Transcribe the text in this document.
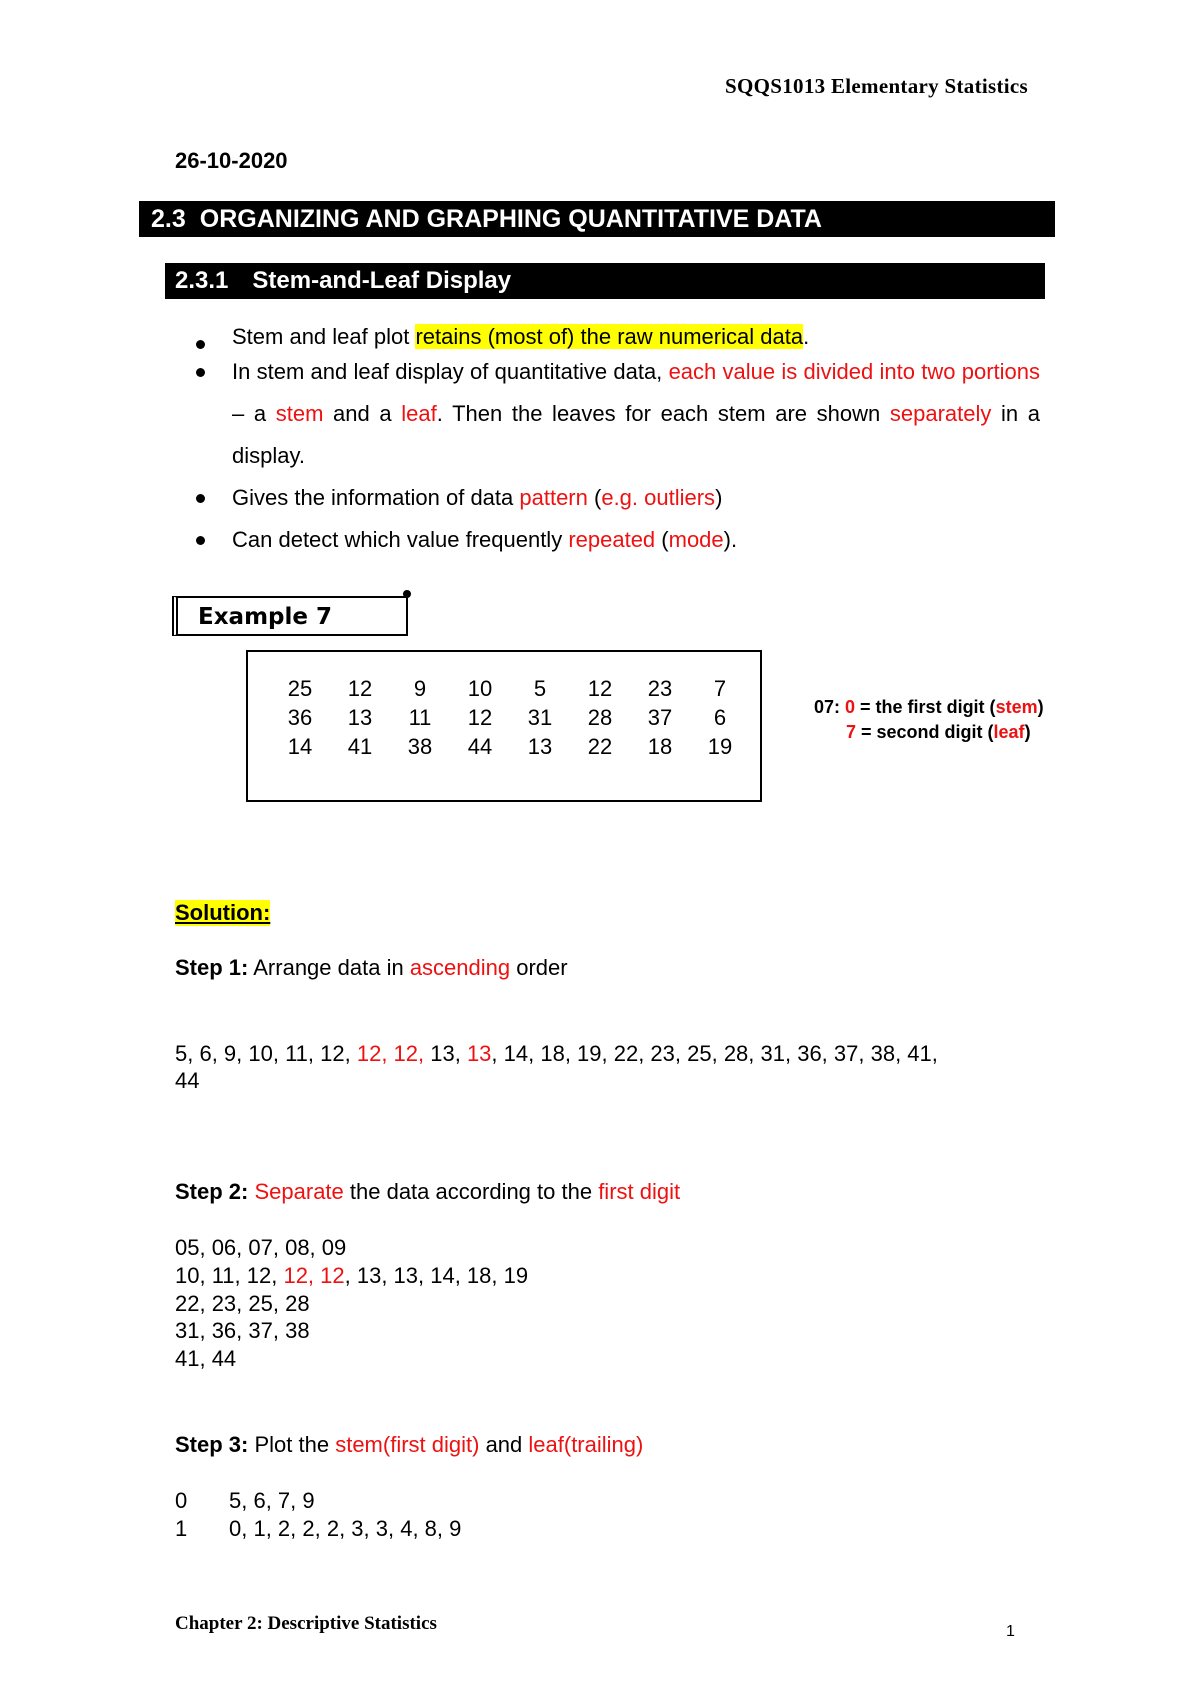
SQQS1013 Elementary Statistics
26-10-2020
2.3 ORGANIZING AND GRAPHING QUANTITATIVE DATA
2.3.1 Stem-and-Leaf Display
Stem and leaf plot retains (most of) the raw numerical data.
In stem and leaf display of quantitative data, each value is divided into two portions – a stem and a leaf. Then the leaves for each stem are shown separately in a display.
Gives the information of data pattern (e.g. outliers)
Can detect which value frequently repeated (mode).
Example 7
25	12	9	10	5	12	23	7
36	13	11	12	31	28	37	6
14	41	38	44	13	22	18	19
07: 0 = the first digit (stem)
7 = second digit (leaf)
Solution:
Step 1: Arrange data in ascending order
5, 6, 9, 10, 11, 12, 12, 12, 13, 13, 14, 18, 19, 22, 23, 25, 28, 31, 36, 37, 38, 41,
44
Step 2: Separate the data according to the first digit
05, 06, 07, 08, 09
10, 11, 12, 12, 12, 13, 13, 14, 18, 19
22, 23, 25, 28
31, 36, 37, 38
41, 44
Step 3: Plot the stem(first digit) and leaf(trailing)
0 5, 6, 7, 9
1 0, 1, 2, 2, 2, 3, 3, 4, 8, 9
Chapter 2: Descriptive Statistics	1
